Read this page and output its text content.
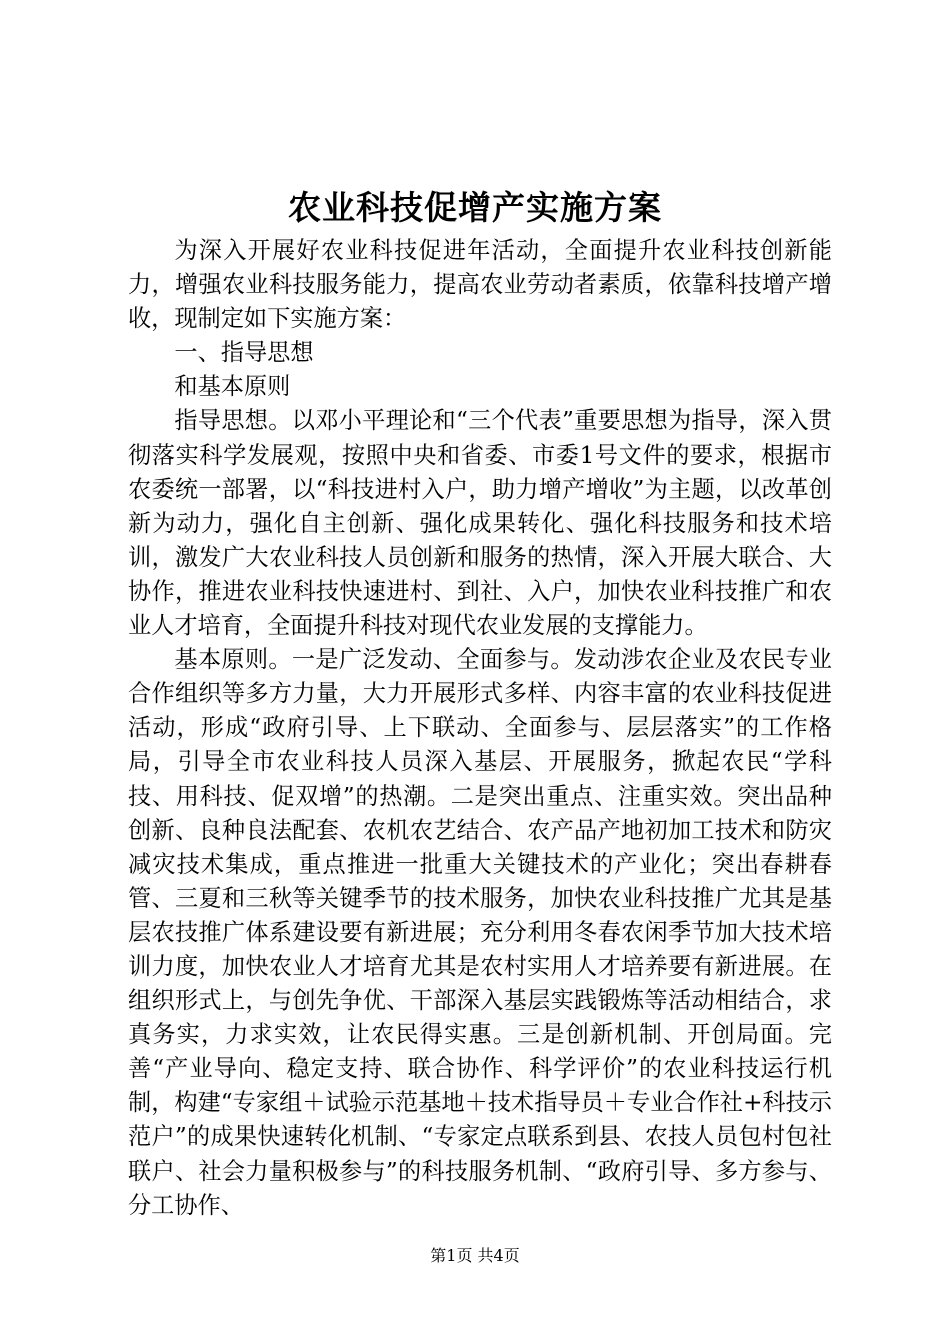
农业科技促增产实施方案

为深入开展好农业科技促进年活动，全面提升农业科技创新能力，增强农业科技服务能力，提高农业劳动者素质，依靠科技增产增收，现制定如下实施方案：

一、指导思想

和基本原则

指导思想。以邓小平理论和“三个代表”重要思想为指导，深入贯彻落实科学发展观，按照中央和省委、市委1号文件的要求，根据市农委统一部署，以“科技进村入户，助力增产增收”为主题，以改革创新为动力，强化自主创新、强化成果转化、强化科技服务和技术培训，激发广大农业科技人员创新和服务的热情，深入开展大联合、大协作，推进农业科技快速进村、到社、入户，加快农业科技推广和农业人才培育，全面提升科技对现代农业发展的支撑能力。

基本原则。一是广泛发动、全面参与。发动涉农企业及农民专业合作组织等多方力量，大力开展形式多样、内容丰富的农业科技促进活动，形成“政府引导、上下联动、全面参与、层层落实”的工作格局，引导全市农业科技人员深入基层、开展服务，掀起农民“学科技、用科技、促双增”的热潮。二是突出重点、注重实效。突出品种创新、良种良法配套、农机农艺结合、农产品产地初加工技术和防灾减灾技术集成，重点推进一批重大关键技术的产业化；突出春耕春管、三夏和三秋等关键季节的技术服务，加快农业科技推广尤其是基层农技推广体系建设要有新进展；充分利用冬春农闲季节加大技术培训力度，加快农业人才培育尤其是农村实用人才培养要有新进展。在组织形式上，与创先争优、干部深入基层实践锻炼等活动相结合，求真务实，力求实效，让农民得实惠。三是创新机制、开创局面。完善“产业导向、稳定支持、联合协作、科学评价”的农业科技运行机制，构建“专家组＋试验示范基地＋技术指导员＋专业合作社+科技示范户”的成果快速转化机制、“专家定点联系到县、农技人员包村包社联户、社会力量积极参与”的科技服务机制、“政府引导、多方参与、分工协作、

第1页 共4页
